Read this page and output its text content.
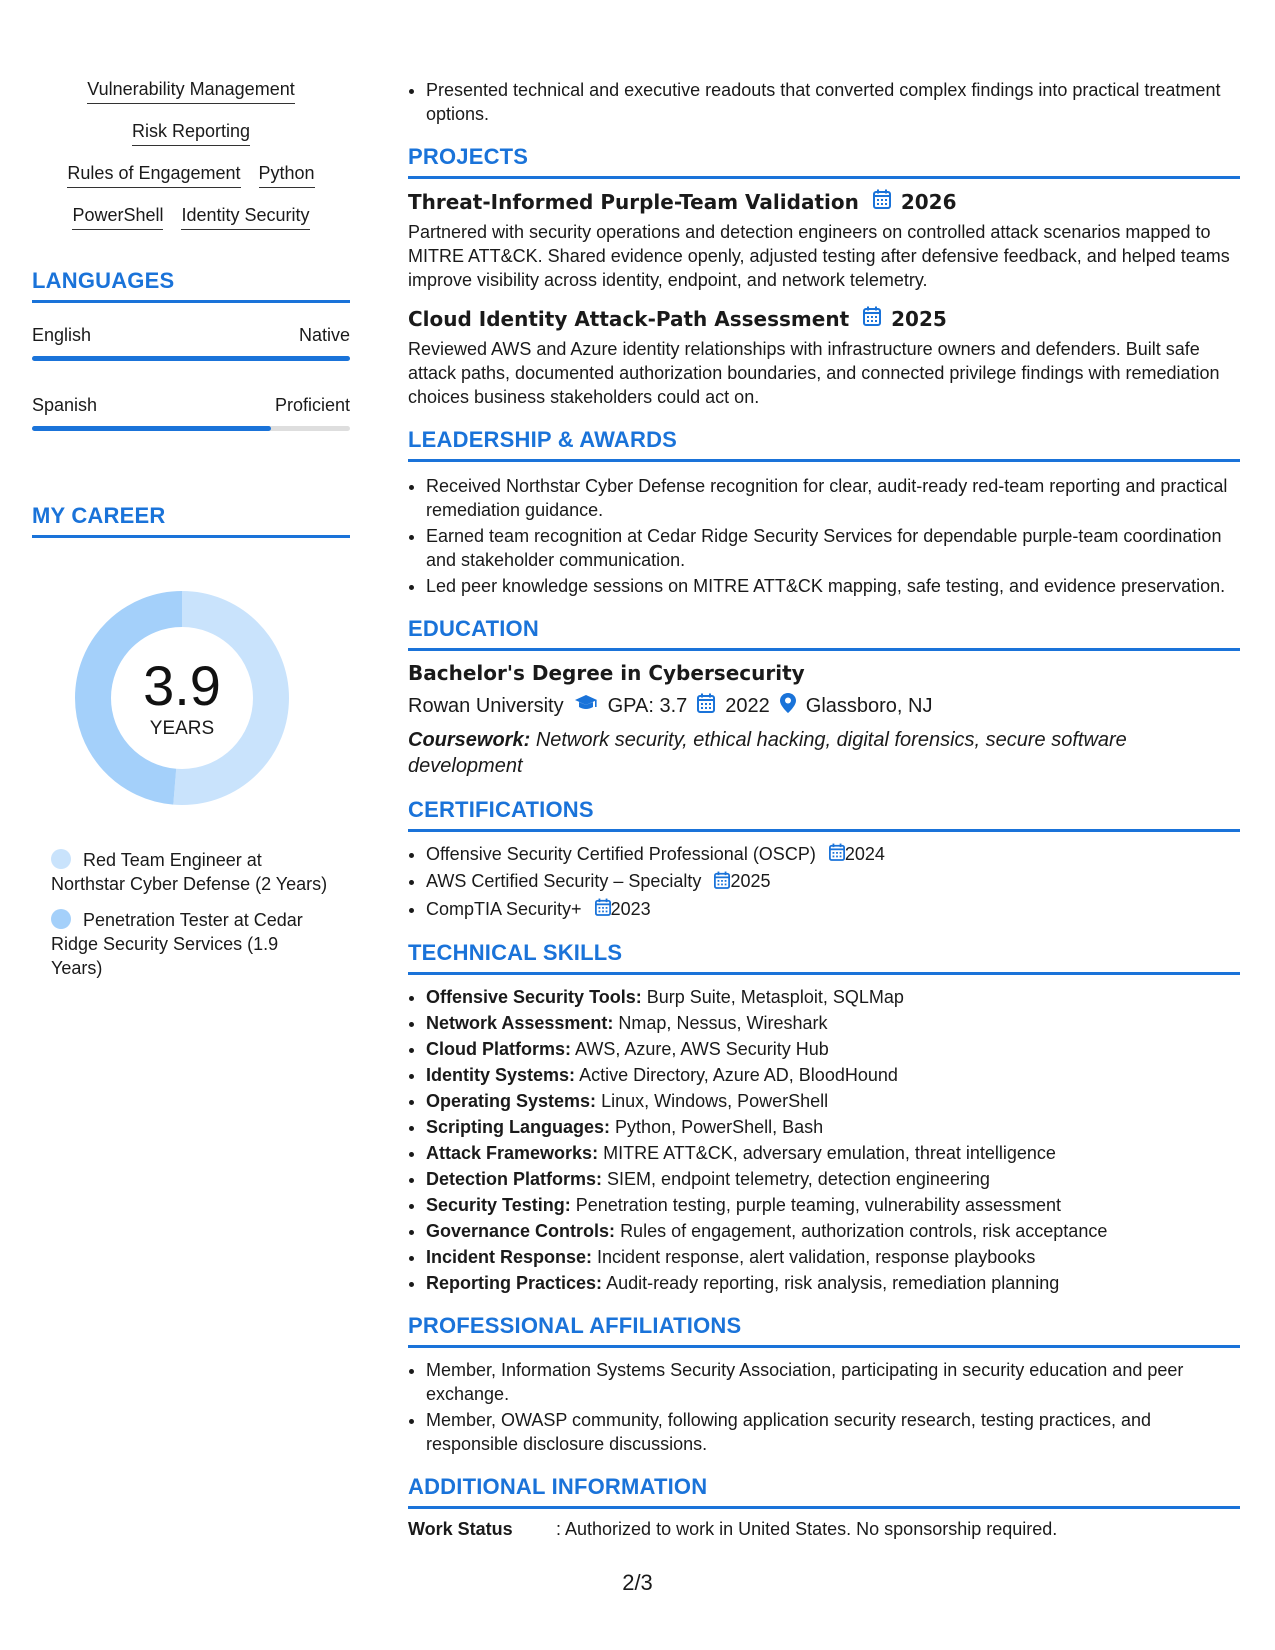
Vulnerability Management
Risk Reporting
Rules of Engagement Python
PowerShell Identity Security
LANGUAGES
English	Native
Spanish	Proficient
MY CAREER
3.9
YEARS
Red Team Engineer at Northstar Cyber Defense (2 Years)
Penetration Tester at Cedar Ridge Security Services (1.9 Years)
• Presented technical and executive readouts that converted complex findings into practical treatment options.
PROJECTS
Threat-Informed Purple-Team Validation 2026
Partnered with security operations and detection engineers on controlled attack scenarios mapped to MITRE ATT&CK. Shared evidence openly, adjusted testing after defensive feedback, and helped teams improve visibility across identity, endpoint, and network telemetry.
Cloud Identity Attack-Path Assessment 2025
Reviewed AWS and Azure identity relationships with infrastructure owners and defenders. Built safe attack paths, documented authorization boundaries, and connected privilege findings with remediation choices business stakeholders could act on.
LEADERSHIP & AWARDS
• Received Northstar Cyber Defense recognition for clear, audit-ready red-team reporting and practical remediation guidance.
• Earned team recognition at Cedar Ridge Security Services for dependable purple-team coordination and stakeholder communication.
• Led peer knowledge sessions on MITRE ATT&CK mapping, safe testing, and evidence preservation.
EDUCATION
Bachelor's Degree in Cybersecurity
Rowan University GPA: 3.7 2022 Glassboro, NJ
Coursework: Network security, ethical hacking, digital forensics, secure software development
CERTIFICATIONS
• Offensive Security Certified Professional (OSCP) 2024
• AWS Certified Security – Specialty 2025
• CompTIA Security+ 2023
TECHNICAL SKILLS
• Offensive Security Tools: Burp Suite, Metasploit, SQLMap
• Network Assessment: Nmap, Nessus, Wireshark
• Cloud Platforms: AWS, Azure, AWS Security Hub
• Identity Systems: Active Directory, Azure AD, BloodHound
• Operating Systems: Linux, Windows, PowerShell
• Scripting Languages: Python, PowerShell, Bash
• Attack Frameworks: MITRE ATT&CK, adversary emulation, threat intelligence
• Detection Platforms: SIEM, endpoint telemetry, detection engineering
• Security Testing: Penetration testing, purple teaming, vulnerability assessment
• Governance Controls: Rules of engagement, authorization controls, risk acceptance
• Incident Response: Incident response, alert validation, response playbooks
• Reporting Practices: Audit-ready reporting, risk analysis, remediation planning
PROFESSIONAL AFFILIATIONS
• Member, Information Systems Security Association, participating in security education and peer exchange.
• Member, OWASP community, following application security research, testing practices, and responsible disclosure discussions.
ADDITIONAL INFORMATION
Work Status	: Authorized to work in United States. No sponsorship required.
2/3
